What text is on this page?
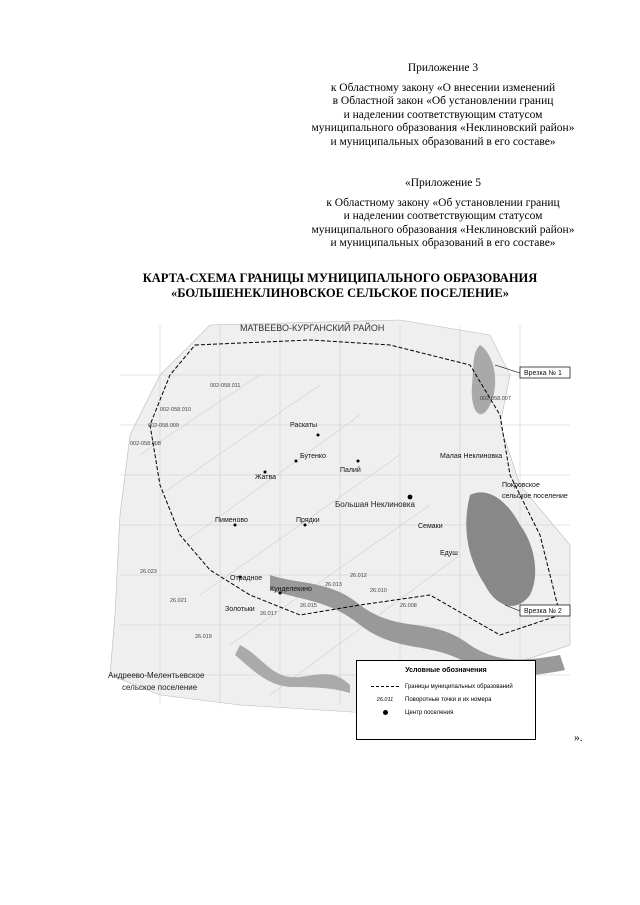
Приложение 3
к Областному закону «О внесении изменений
в Областной закон «Об установлении границ
и наделении соответствующим статусом
муниципального образования «Неклиновский район»
и муниципальных образований в его составе»
«Приложение 5
к Областному закону «Об установлении границ
и наделении соответствующим статусом
муниципального образования «Неклиновский район»
и муниципальных образований в его составе»
КАРТА-СХЕМА ГРАНИЦЫ МУНИЦИПАЛЬНОГО ОБРАЗОВАНИЯ
«БОЛЬШЕНЕКЛИНОВСКОЕ СЕЛЬСКОЕ ПОСЕЛЕНИЕ»
МАТВЕЕВО-КУРГАНСКИЙ РАЙОН
Раскаты
Бутенко
Палий
Жатва
Малая Неклиновка
Большая Неклиновка
Покровское
сельское поселение
Пименово	Прядки
Семаки
Отрадное
Едуш
Кунделекино
Золотьки
Андреево-Мелентьевское
сельское поселение
Врезка № 1
Врезка № 2
002-058.011
002-058.010
002-058.009
002-058.008
26.023
26.021
26.019
26.017
26.015
26.013
26.012
26.010
26.008
002-058.007
Условные обозначения
Границы муниципальных образований
26.011 Поворотные точки и их номера
Центр поселения
».
